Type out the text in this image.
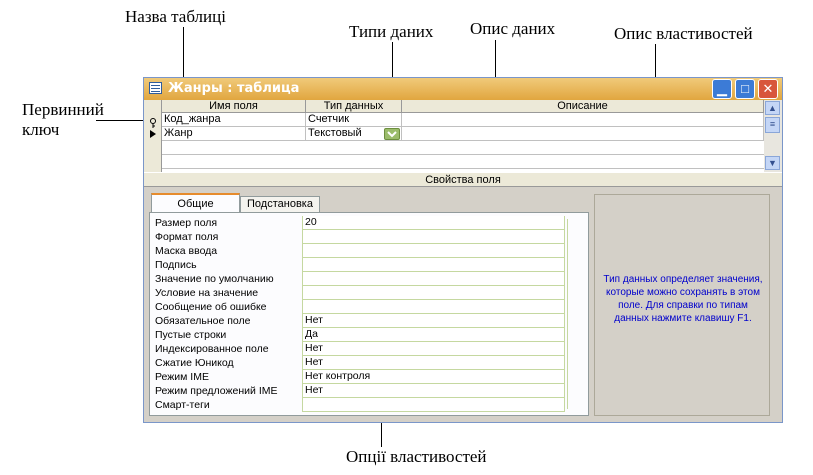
Назва таблиці
Типи даних Опис даних	Опис властивостей
Первинний
ключ
Опції властивостей
Жанры : таблица	▁	□	✕
Имя поля	Тип данных	Описание
Код_жанра	Счетчик
Жанр	Текстовый
▲
≡
▼
Свойства поля
Общие	Подстановка
Тип данных определяет значения, которые можно сохранять в этом поле. Для справки по типам данных нажмите клавишу F1.
Размер поля	20
Формат поля
Маска ввода
Подпись
Значение по умолчанию
Условие на значение
Сообщение об ошибке
Обязательное поле	Нет
Пустые строки	Да
Индексированное поле	Нет
Сжатие Юникод	Нет
Режим IME	Нет контроля
Режим предложений IME	Нет
Смарт-теги
